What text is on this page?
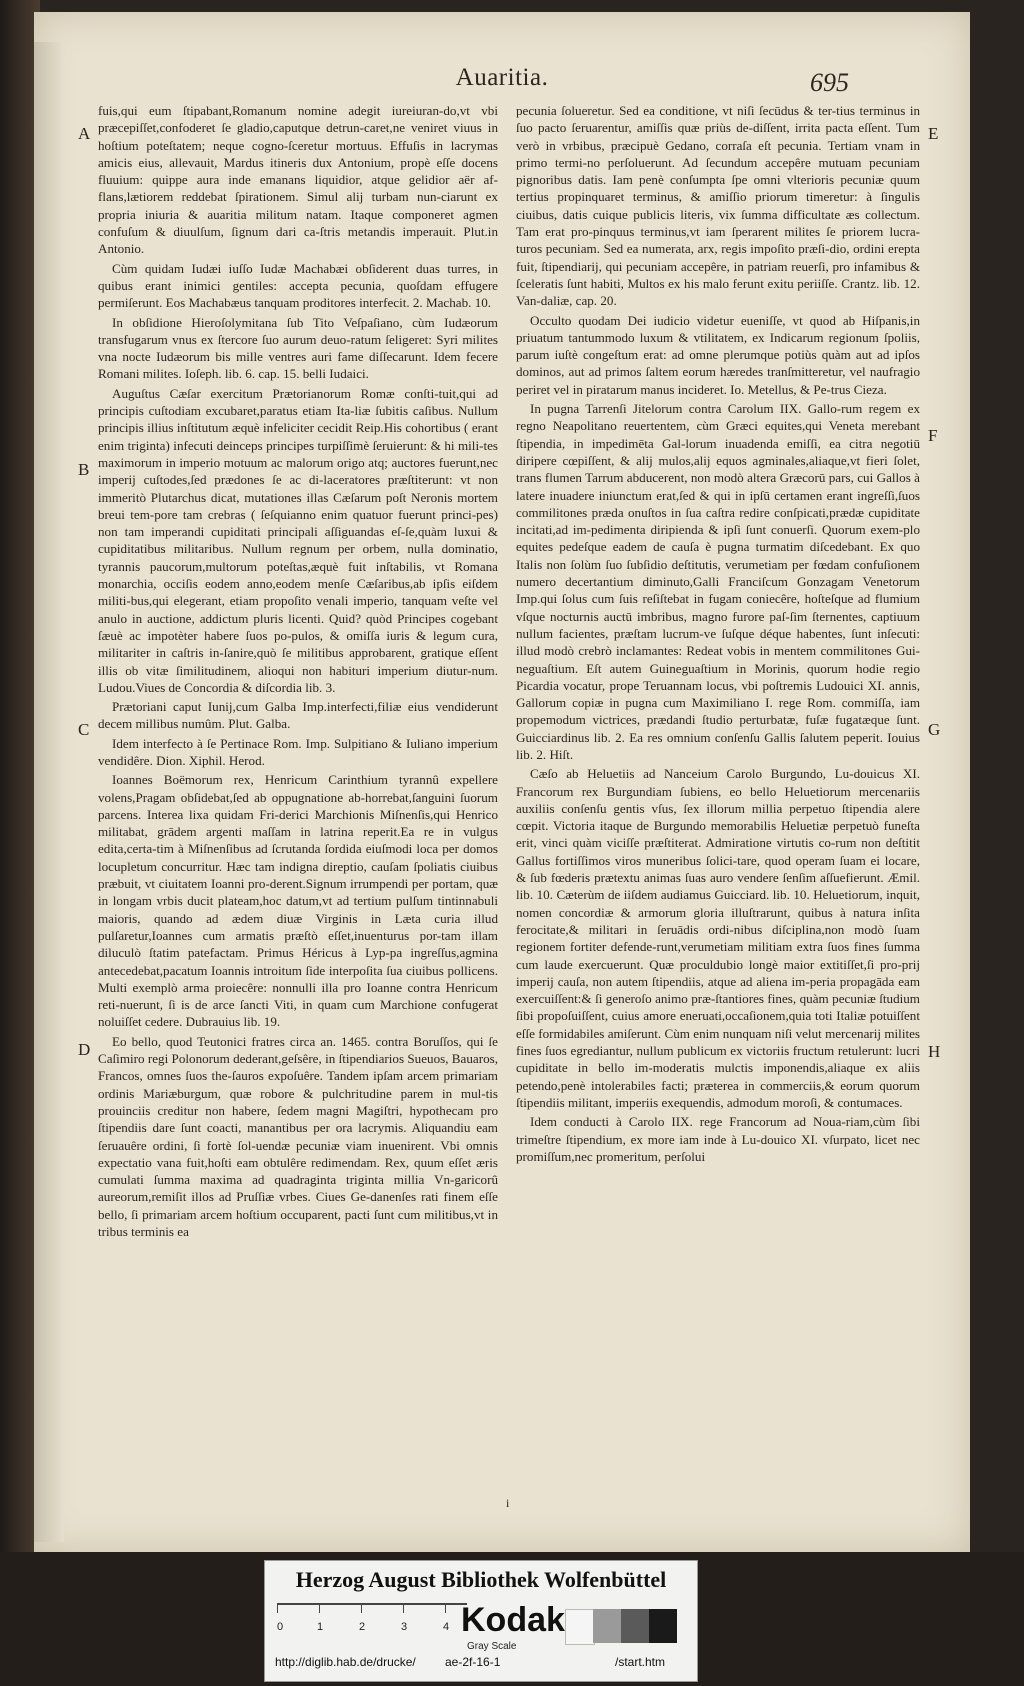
Auaritia.	695

fuis,qui eum ſtipabant,Romanum nomine adegit iureiuran-do,vt vbi præcepiſſet,confoderet ſe gladio,caputque detrun-caret,ne veniret viuus in hoſtium poteſtatem; neque cogno-ſceretur mortuus. Effuſis in lacrymas amicis eius, allevauit, Mardus itineris dux Antonium, propè eſſe docens fluuium: quippe aura inde emanans liquidior, atque gelidior aër af-flans,lætiorem reddebat ſpirationem. Simul alij turbam nun-ciarunt ex propria iniuria & auaritia militum natam. Itaque componeret agmen confuſum & diuulſum, ſignum dari ca-ſtris metandis imperauit. Plut.in Antonio.

Cùm quidam Iudæi iuſſo Iudæ Machabæi obſiderent duas turres, in quibus erant inimici gentiles: accepta pecunia, quoſdam effugere permiſerunt. Eos Machabæus tanquam proditores interfecit. 2. Machab. 10.

In obſidione Hieroſolymitana ſub Tito Veſpaſiano, cùm Iudæorum transfugarum vnus ex ſtercore ſuo aurum deuo-ratum ſeligeret: Syri milites vna nocte Iudæorum bis mille ventres auri fame diſſecarunt. Idem fecere Romani milites. Ioſeph. lib. 6. cap. 15. belli Iudaici.

Auguſtus Cæſar exercitum Prætorianorum Romæ conſti-tuit,qui ad principis cuſtodiam excubaret,paratus etiam Ita-liæ ſubitis caſibus. Nullum principis illius inſtitutum æquè infeliciter cecidit Reip.His cohortibus ( erant enim triginta) infecuti deinceps principes turpiſſimè ſeruierunt: & hi mili-tes maximorum in imperio motuum ac malorum origo atq; auctores fuerunt,nec imperij cuſtodes,ſed prædones ſe ac di-laceratores præſtiterunt: vt non immeritò Plutarchus dicat, mutationes illas Cæſarum poſt Neronis mortem breui tem-pore tam crebras ( ſeſquianno enim quatuor fuerunt princi-pes) non tam imperandi cupiditati principali aſſiguandas eſ-ſe,quàm luxui & cupiditatibus militaribus. Nullum regnum per orbem, nulla dominatio, tyrannis paucorum,multorum poteſtas,æquè fuit inſtabilis, vt Romana monarchia, occiſis eodem anno,eodem menſe Cæſaribus,ab ipſis eiſdem militi-bus,qui elegerant, etiam propoſito venali imperio, tanquam veſte vel anulo in auctione, addictum pluris licenti. Quid? quòd Principes cogebant ſæuè ac impotèter habere ſuos po-pulos, & omiſſa iuris & legum cura, militariter in caſtris in-ſanire,quò ſe militibus approbarent, gratique eſſent illis ob vitæ ſimilitudinem, alioqui non habituri imperium diutur-num. Ludou.Viues de Concordia & diſcordia lib. 3.

Prætoriani caput Iunij,cum Galba Imp.interfecti,filiæ eius vendiderunt decem millibus numûm. Plut. Galba.

Idem interfecto à ſe Pertinace Rom. Imp. Sulpitiano & Iuliano imperium vendidêre. Dion. Xiphil. Herod.

Ioannes Boëmorum rex, Henricum Carinthium tyrannû expellere volens,Pragam obſidebat,ſed ab oppugnatione ab-horrebat,ſanguini ſuorum parcens. Interea lixa quidam Fri-derici Marchionis Miſnenſis,qui Henrico militabat, grādem argenti maſſam in latrina reperit.Ea re in vulgus edita,certa-tim à Miſnenſibus ad ſcrutanda ſordida eiuſmodi loca per domos locupletum concurritur. Hæc tam indigna direptio, cauſam ſpoliatis ciuibus præbuit, vt ciuitatem Ioanni pro-derent.Signum irrumpendi per portam, quæ in longam vrbis ducit plateam,hoc datum,vt ad tertium pulſum tintinnabuli maioris, quando ad ædem diuæ Virginis in Læta curia illud pulſaretur,Ioannes cum armatis præſtò eſſet,inuenturus por-tam illam diluculò ſtatim patefactam. Primus Héricus à Lyp-pa ingreſſus,agmina antecedebat,pacatum Ioannis introitum ſide interpoſita ſua ciuibus pollicens. Multi exemplò arma proiecêre: nonnulli illa pro Ioanne contra Henricum reti-nuerunt, ſi is de arce ſancti Viti, in quam cum Marchione confugerat noluiſſet cedere. Dubrauius lib. 19.

Eo bello, quod Teutonici fratres circa an. 1465. contra Boruſſos, qui ſe Caſimiro regi Polonorum dederant,geſsêre, in ſtipendiarios Sueuos, Bauaros, Francos, omnes ſuos the-ſauros expoſuêre. Tandem ipſam arcem primariam ordinis Mariæburgum, quæ robore & pulchritudine parem in mul-tis prouinciis creditur non habere, ſedem magni Magiſtri, hypothecam pro ſtipendiis dare ſunt coacti, manantibus per ora lacrymis. Aliquandiu eam ſeruauêre ordini, ſi fortè ſol-uendæ pecuniæ viam inuenirent. Vbi omnis expectatio vana fuit,hoſti eam obtulêre redimendam. Rex, quum eſſet æris cumulati ſumma maxima ad quadraginta triginta millia Vn-garicorû aureorum,remiſit illos ad Pruſſiæ vrbes. Ciues Ge-danenſes rati finem eſſe bello, ſi primariam arcem hoſtium occuparent, pacti ſunt cum militibus,vt in tribus terminis ea

pecunia ſolueretur. Sed ea conditione, vt niſi ſecūdus & ter-tius terminus in ſuo pacto ſeruarentur, amiſſis quæ priùs de-diſſent, irrita pacta eſſent. Tum verò in vrbibus, præcipuè Gedano, corraſa eſt pecunia. Tertiam vnam in primo termi-no perſoluerunt. Ad ſecundum accepêre mutuam pecuniam pignoribus datis. Iam penè conſumpta ſpe omni vlterioris pecuniæ quum tertius propinquaret terminus, & amiſſio priorum timeretur: à ſingulis ciuibus, datis cuique publicis literis, vix ſumma difficultate æs collectum. Tam erat pro-pinquus terminus,vt iam ſperarent milites ſe priorem lucra-turos pecuniam. Sed ea numerata, arx, regis impoſito præſi-dio, ordini erepta fuit, ſtipendiarij, qui pecuniam accepêre, in patriam reuerſi, pro infamibus & ſceleratis ſunt habiti, Multos ex his malo ferunt exitu periiſſe. Crantz. lib. 12. Van-daliæ, cap. 20.

Occulto quodam Dei iudicio videtur eueniſſe, vt quod ab Hiſpanis,in priuatum tantummodo luxum & vtilitatem, ex Indicarum regionum ſpoliis, parum iuſtè congeſtum erat: ad omne plerumque potiùs quàm aut ad ipſos dominos, aut ad primos ſaltem eorum hæredes tranſmitteretur, vel naufragio periret vel in piratarum manus incideret. Io. Metellus, & Pe-trus Cieza.

In pugna Tarrenſi Jitelorum contra Carolum IIX. Gallo-rum regem ex regno Neapolitano reuertentem, cùm Græci equites,qui Veneta merebant ſtipendia, in impedimēta Gal-lorum inuadenda emiſſi, ea citra negotiū diripere cœpiſſent, & alij mulos,alij equos agminales,aliaque,vt fieri ſolet, trans flumen Tarrum abducerent, non modò altera Græcorū pars, cui Gallos à latere inuadere iniunctum erat,ſed & qui in ipſū certamen erant ingreſſi,ſuos commilitones præda onuſtos in ſua caſtra redire conſpicati,prædæ cupiditate incitati,ad im-pedimenta diripienda & ipſi ſunt conuerſi. Quorum exem-plo equites pedeſque eadem de cauſa è pugna turmatim diſcedebant. Ex quo Italis non ſolùm ſuo ſubſidio deſtitutis, verumetiam per fœdam confuſionem numero decertantium diminuto,Galli Franciſcum Gonzagam Venetorum Imp.qui ſolus cum ſuis reſiſtebat in fugam coniecêre, hoſteſque ad flumium vſque nocturnis auctū imbribus, magno furore paſ-ſim ſternentes, captiuum nullum facientes, præſtam lucrum-ve ſuſque déque habentes, ſunt inſecuti: illud modò crebrò inclamantes: Redeat vobis in mentem commilitones Gui-neguaſtium. Eſt autem Guineguaſtium in Morinis, quorum hodie regio Picardia vocatur, prope Teruannam locus, vbi poſtremis Ludouici XI. annis, Gallorum copiæ in pugna cum Maximiliano I. rege Rom. commiſſa, iam propemodum victrices, prædandi ſtudio perturbatæ, fuſæ fugatæque ſunt. Guicciardinus lib. 2. Ea res omnium conſenſu Gallis ſalutem peperit. Iouius lib. 2. Hiſt.

Cæſo ab Heluetiis ad Nanceium Carolo Burgundo, Lu-douicus XI. Francorum rex Burgundiam ſubiens, eo bello Heluetiorum mercenariis auxiliis conſenſu gentis vſus, ſex illorum millia perpetuo ſtipendia alere cœpit. Victoria itaque de Burgundo memorabilis Heluetiæ perpetuò funeſta erit, vinci quàm viciſſe præſtiterat. Admiratione virtutis co-rum non deſtitit Gallus fortiſſimos viros muneribus ſolici-tare, quod operam ſuam ei locare, & ſub fœderis prætextu animas ſuas auro vendere ſenſim aſſuefierunt. Æmil. lib. 10. Cæterùm de iiſdem audiamus Guicciard. lib. 10. Heluetiorum, inquit, nomen concordiæ & armorum gloria illuſtrarunt, quibus à natura inſita ferocitate,& militari in ſeruādis ordi-nibus diſciplina,non modò ſuam regionem fortiter defende-runt,verumetiam militiam extra ſuos fines ſumma cum laude exercuerunt. Quæ proculdubio longè maior extitiſſet,ſi pro-prij imperij cauſa, non autem ſtipendiis, atque ad aliena im-peria propagāda eam exercuiſſent:& ſi generoſo animo præ-ſtantiores fines, quàm pecuniæ ſtudium ſibi propoſuiſſent, cuius amore eneruati,occaſionem,quia toti Italiæ potuiſſent eſſe formidabiles amiſerunt. Cùm enim nunquam niſi velut mercenarij milites fines ſuos egrediantur, nullum publicum ex victoriis fructum retulerunt: lucri cupiditate in bello im-moderatis mulctis imponendis,aliaque ex aliis petendo,penè intolerabiles facti; præterea in commerciis,& eorum quorum ſtipendiis militant, imperiis exequendis, admodum moroſi, & contumaces.

Idem conducti à Carolo IIX. rege Francorum ad Noua-riam,cùm ſibi trimeſtre ſtipendium, ex more iam inde à Lu-douico XI. vſurpato, licet nec promiſſum,nec promeritum, perſolui

A
B
C
D
E
F
G
H
i
Herzog August Bibliothek Wolfenbüttel
0	1	2	3	4 Kodak
Gray Scale
http://diglib.hab.de/drucke/ ae-2f-16-1	/start.htm
